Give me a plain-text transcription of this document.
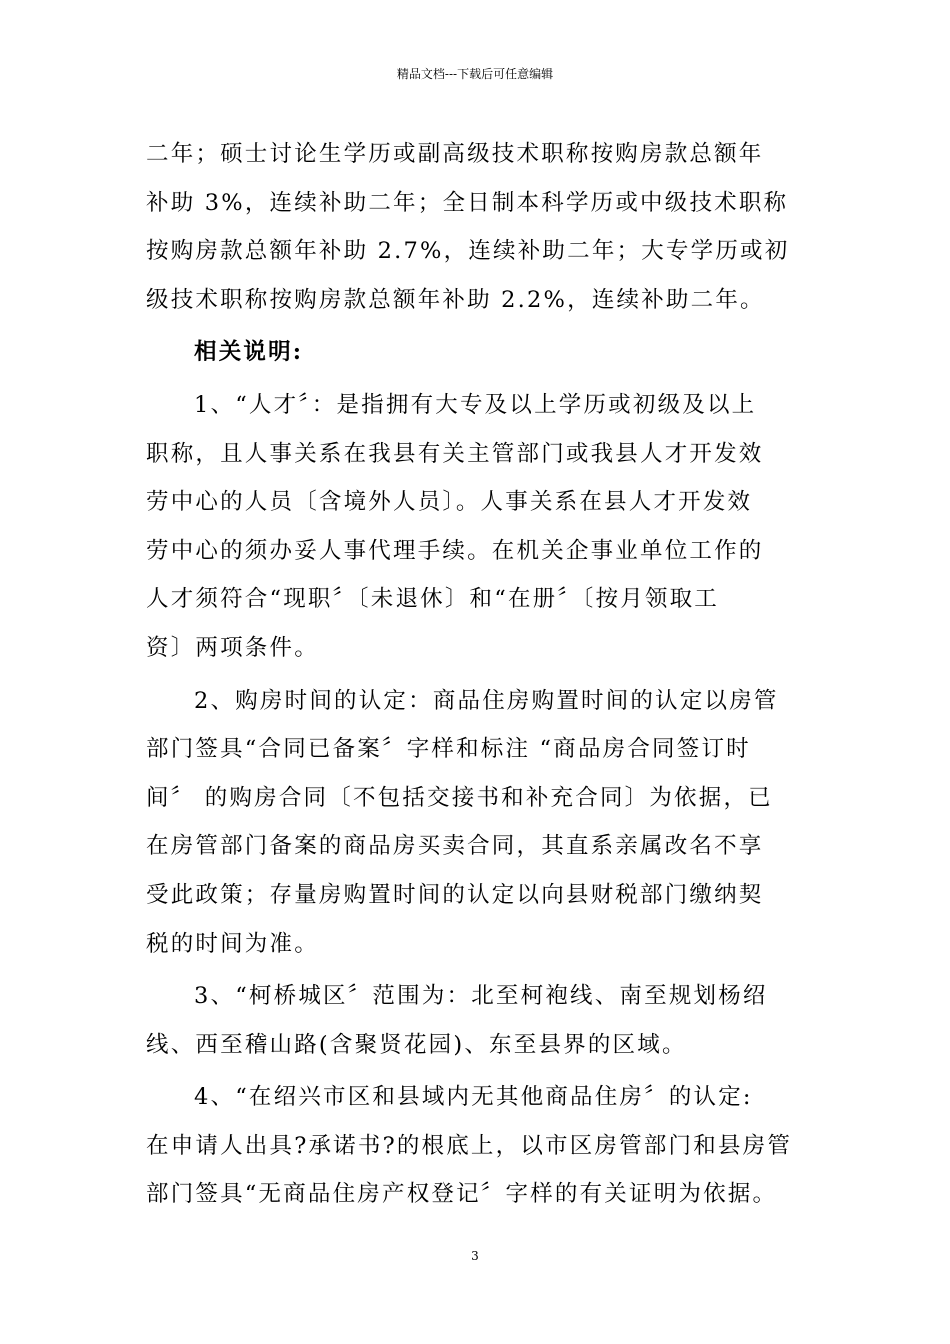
精品文档---下载后可任意编辑
二年；硕士讨论生学历或副高级技术职称按购房款总额年
补助 3%，连续补助二年；全日制本科学历或中级技术职称
按购房款总额年补助 2.7%，连续补助二年；大专学历或初
级技术职称按购房款总额年补助 2.2%，连续补助二年。
相关说明:
1、“人才〞：是指拥有大专及以上学历或初级及以上
职称，且人事关系在我县有关主管部门或我县人才开发效
劳中心的人员〔含境外人员〕。人事关系在县人才开发效
劳中心的须办妥人事代理手续。在机关企事业单位工作的
人才须符合“现职〞〔未退休〕和“在册〞〔按月领取工
资〕两项条件。
2、购房时间的认定：商品住房购置时间的认定以房管
部门签具“合同已备案〞字样和标注 “商品房合同签订时
间〞 的购房合同〔不包括交接书和补充合同〕为依据，已
在房管部门备案的商品房买卖合同，其直系亲属改名不享
受此政策；存量房购置时间的认定以向县财税部门缴纳契
税的时间为准。
3、“柯桥城区〞范围为：北至柯袍线、南至规划杨绍
线、西至稽山路(含聚贤花园)、东至县界的区域。
4、“在绍兴市区和县域内无其他商品住房〞的认定:
在申请人出具?承诺书?的根底上，以市区房管部门和县房管
部门签具“无商品住房产权登记〞字样的有关证明为依据。
3
